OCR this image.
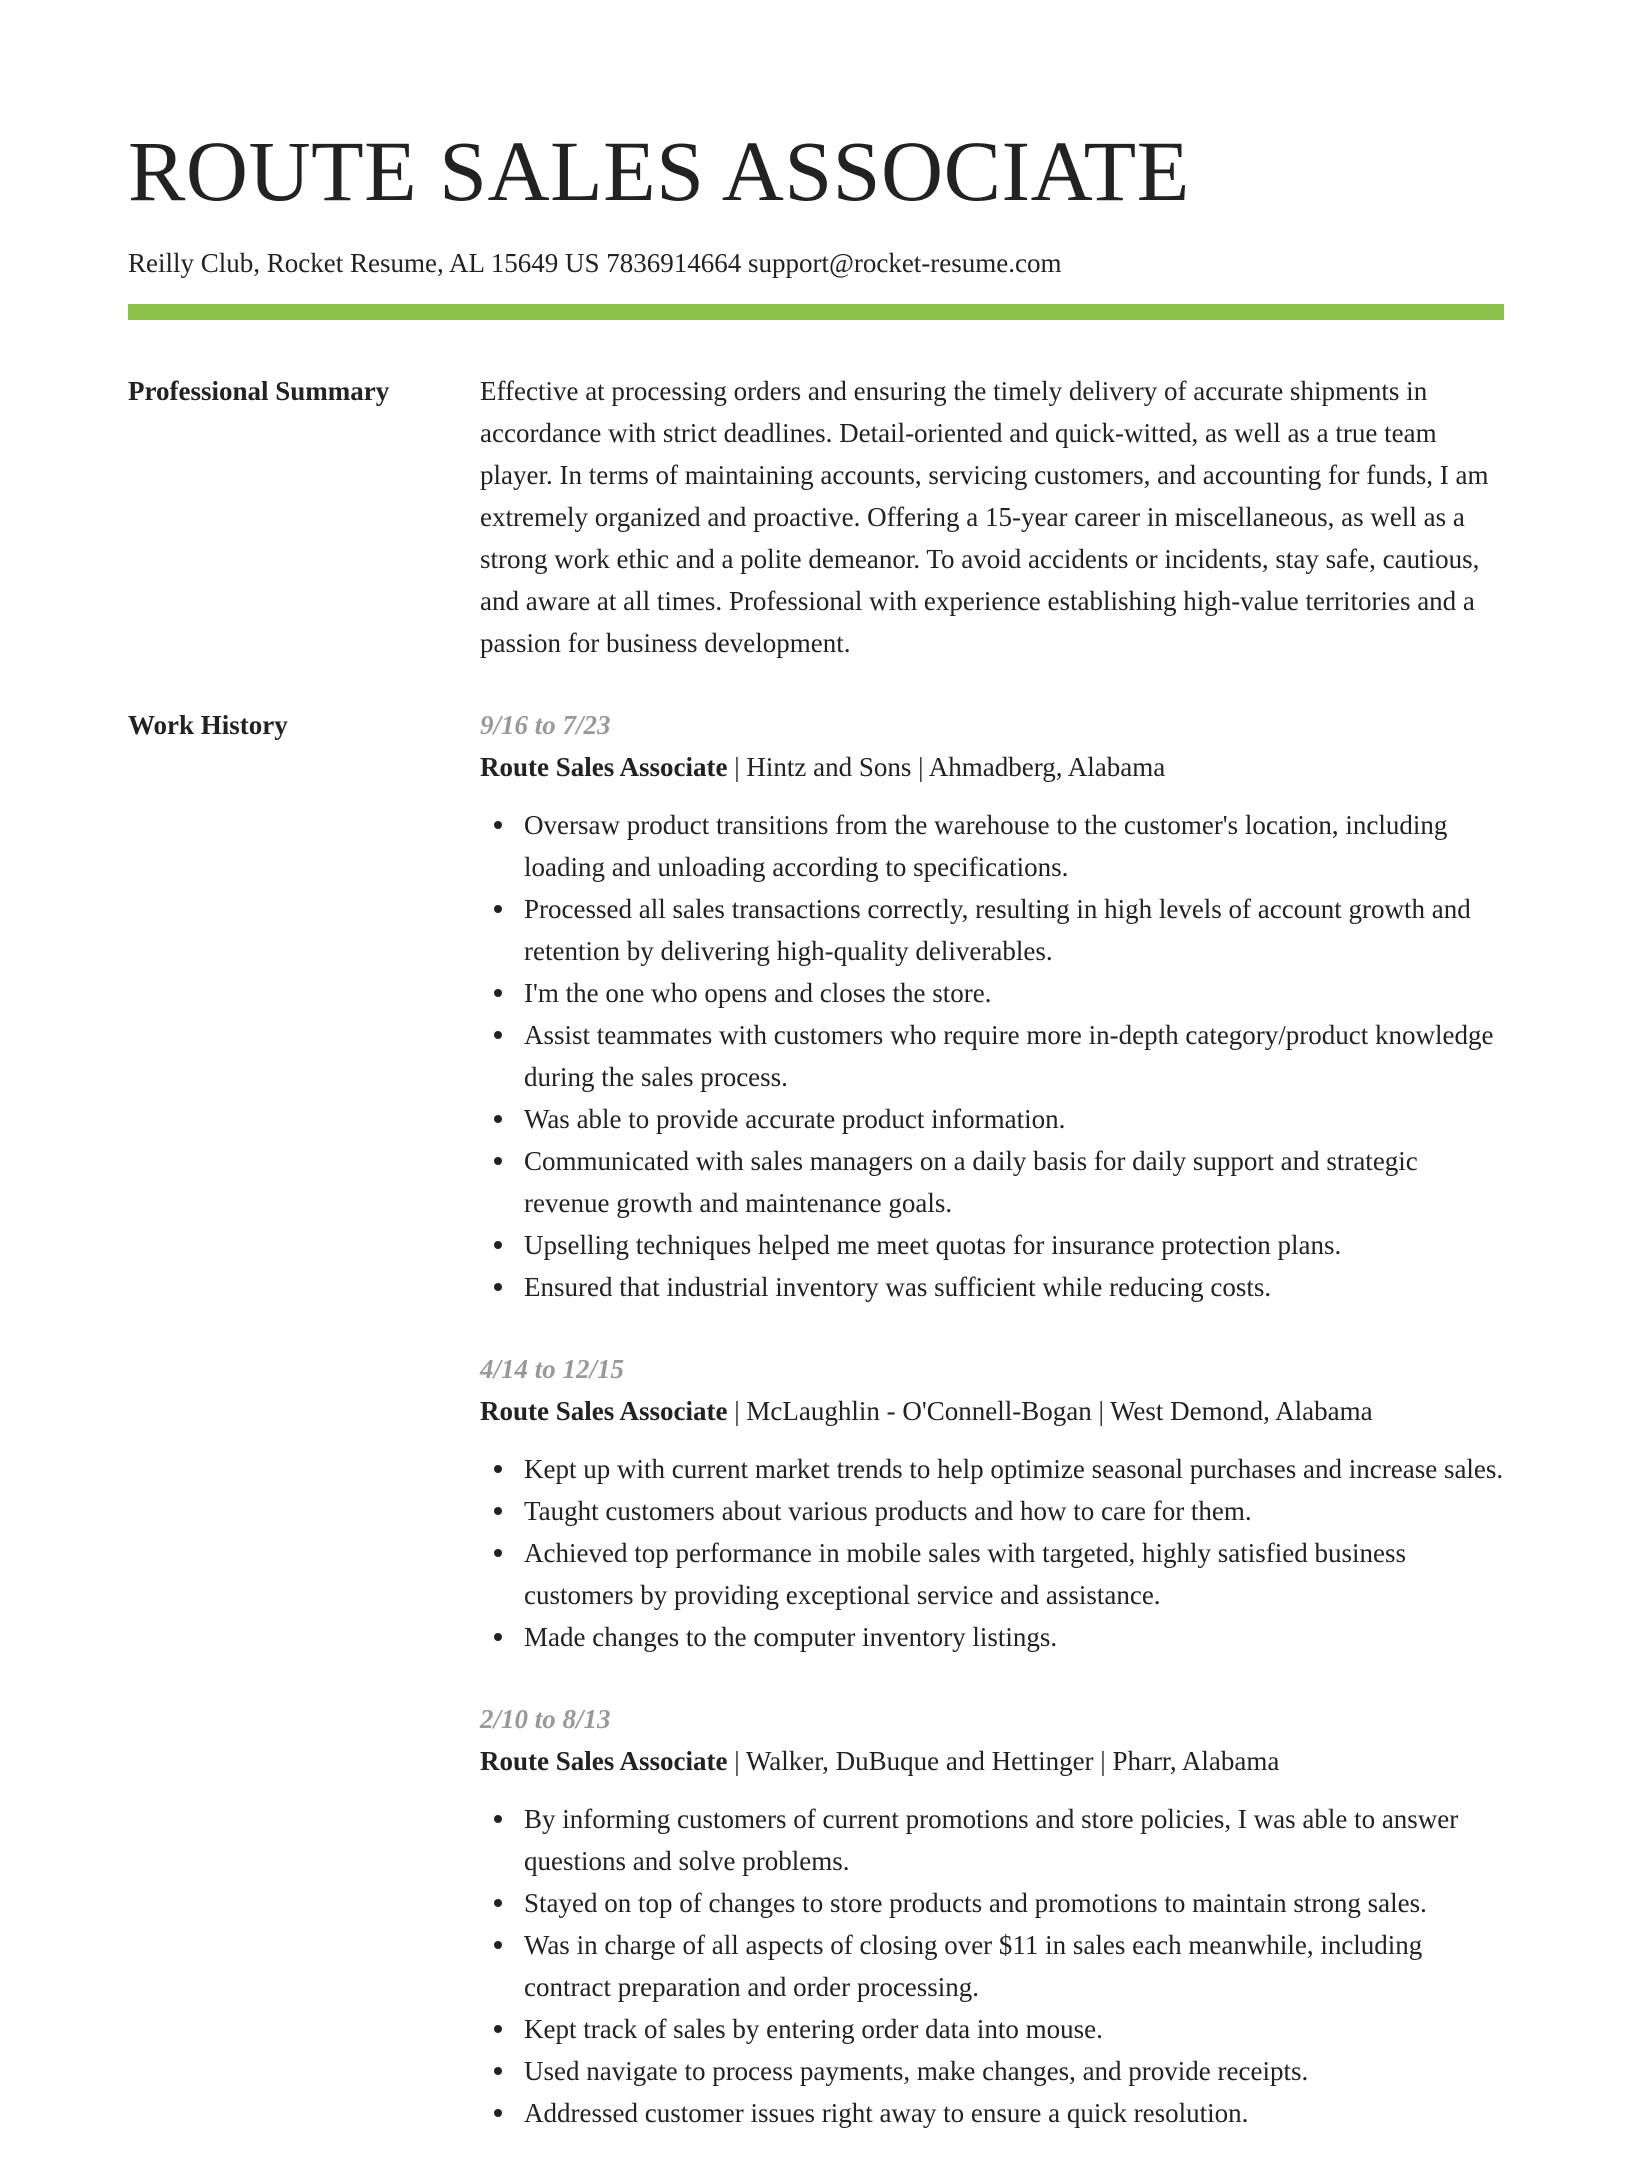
ROUTE SALES ASSOCIATE
Reilly Club, Rocket Resume, AL 15649 US 7836914664 support@rocket-resume.com
Professional Summary	Effective at processing orders and ensuring the timely delivery of accurate shipments in accordance with strict deadlines. Detail-oriented and quick-witted, as well as a true team player. In terms of maintaining accounts, servicing customers, and accounting for funds, I am extremely organized and proactive. Offering a 15-year career in miscellaneous, as well as a strong work ethic and a polite demeanor. To avoid accidents or incidents, stay safe, cautious, and aware at all times. Professional with experience establishing high-value territories and a passion for business development.

Work History	9/16 to 7/23
Route Sales Associate | Hintz and Sons | Ahmadberg, Alabama
Oversaw product transitions from the warehouse to the customer's location, including loading and unloading according to specifications.
Processed all sales transactions correctly, resulting in high levels of account growth and retention by delivering high-quality deliverables.
I'm the one who opens and closes the store.
Assist teammates with customers who require more in-depth category/product knowledge during the sales process.
Was able to provide accurate product information.
Communicated with sales managers on a daily basis for daily support and strategic revenue growth and maintenance goals.
Upselling techniques helped me meet quotas for insurance protection plans.
Ensured that industrial inventory was sufficient while reducing costs.
4/14 to 12/15
Route Sales Associate | McLaughlin - O'Connell-Bogan | West Demond, Alabama
Kept up with current market trends to help optimize seasonal purchases and increase sales.
Taught customers about various products and how to care for them.
Achieved top performance in mobile sales with targeted, highly satisfied business customers by providing exceptional service and assistance.
Made changes to the computer inventory listings.
2/10 to 8/13
Route Sales Associate | Walker, DuBuque and Hettinger | Pharr, Alabama
By informing customers of current promotions and store policies, I was able to answer questions and solve problems.
Stayed on top of changes to store products and promotions to maintain strong sales.
Was in charge of all aspects of closing over $11 in sales each meanwhile, including contract preparation and order processing.
Kept track of sales by entering order data into mouse.
Used navigate to process payments, make changes, and provide receipts.
Addressed customer issues right away to ensure a quick resolution.
